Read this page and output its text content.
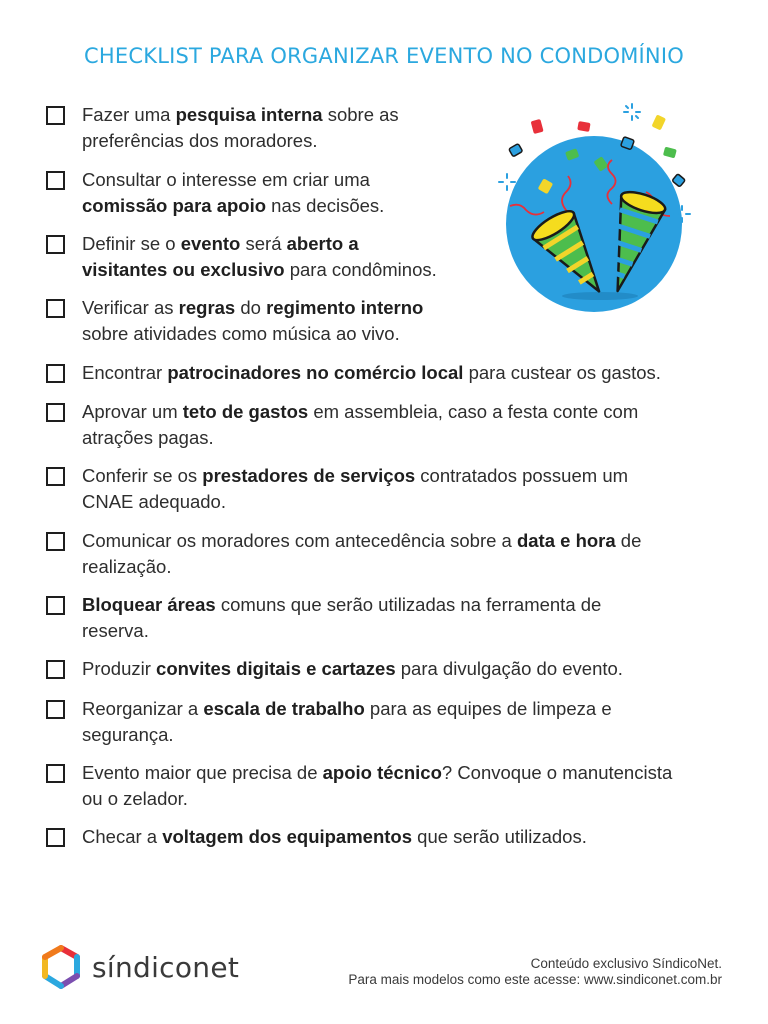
CHECKLIST PARA ORGANIZAR EVENTO NO CONDOMÍNIO
Fazer uma pesquisa interna sobre as
preferências dos moradores.
Consultar o interesse em criar uma
comissão para apoio nas decisões.
Definir se o evento será aberto a
visitantes ou exclusivo para condôminos.
Verificar as regras do regimento interno
sobre atividades como música ao vivo.
Encontrar patrocinadores no comércio local para custear os gastos.
Aprovar um teto de gastos em assembleia, caso a festa conte com
atrações pagas.
Conferir se os prestadores de serviços contratados possuem um
CNAE adequado.
Comunicar os moradores com antecedência sobre a data e hora de
realização.
Bloquear áreas comuns que serão utilizadas na ferramenta de
reserva.
Produzir convites digitais e cartazes para divulgação do evento.
Reorganizar a escala de trabalho para as equipes de limpeza e
segurança.
Evento maior que precisa de apoio técnico? Convoque o manutencista
ou o zelador.
Checar a voltagem dos equipamentos que serão utilizados.
síndiconet	Conteúdo exclusivo SíndicoNet.
Para mais modelos como este acesse: www.sindiconet.com.br
